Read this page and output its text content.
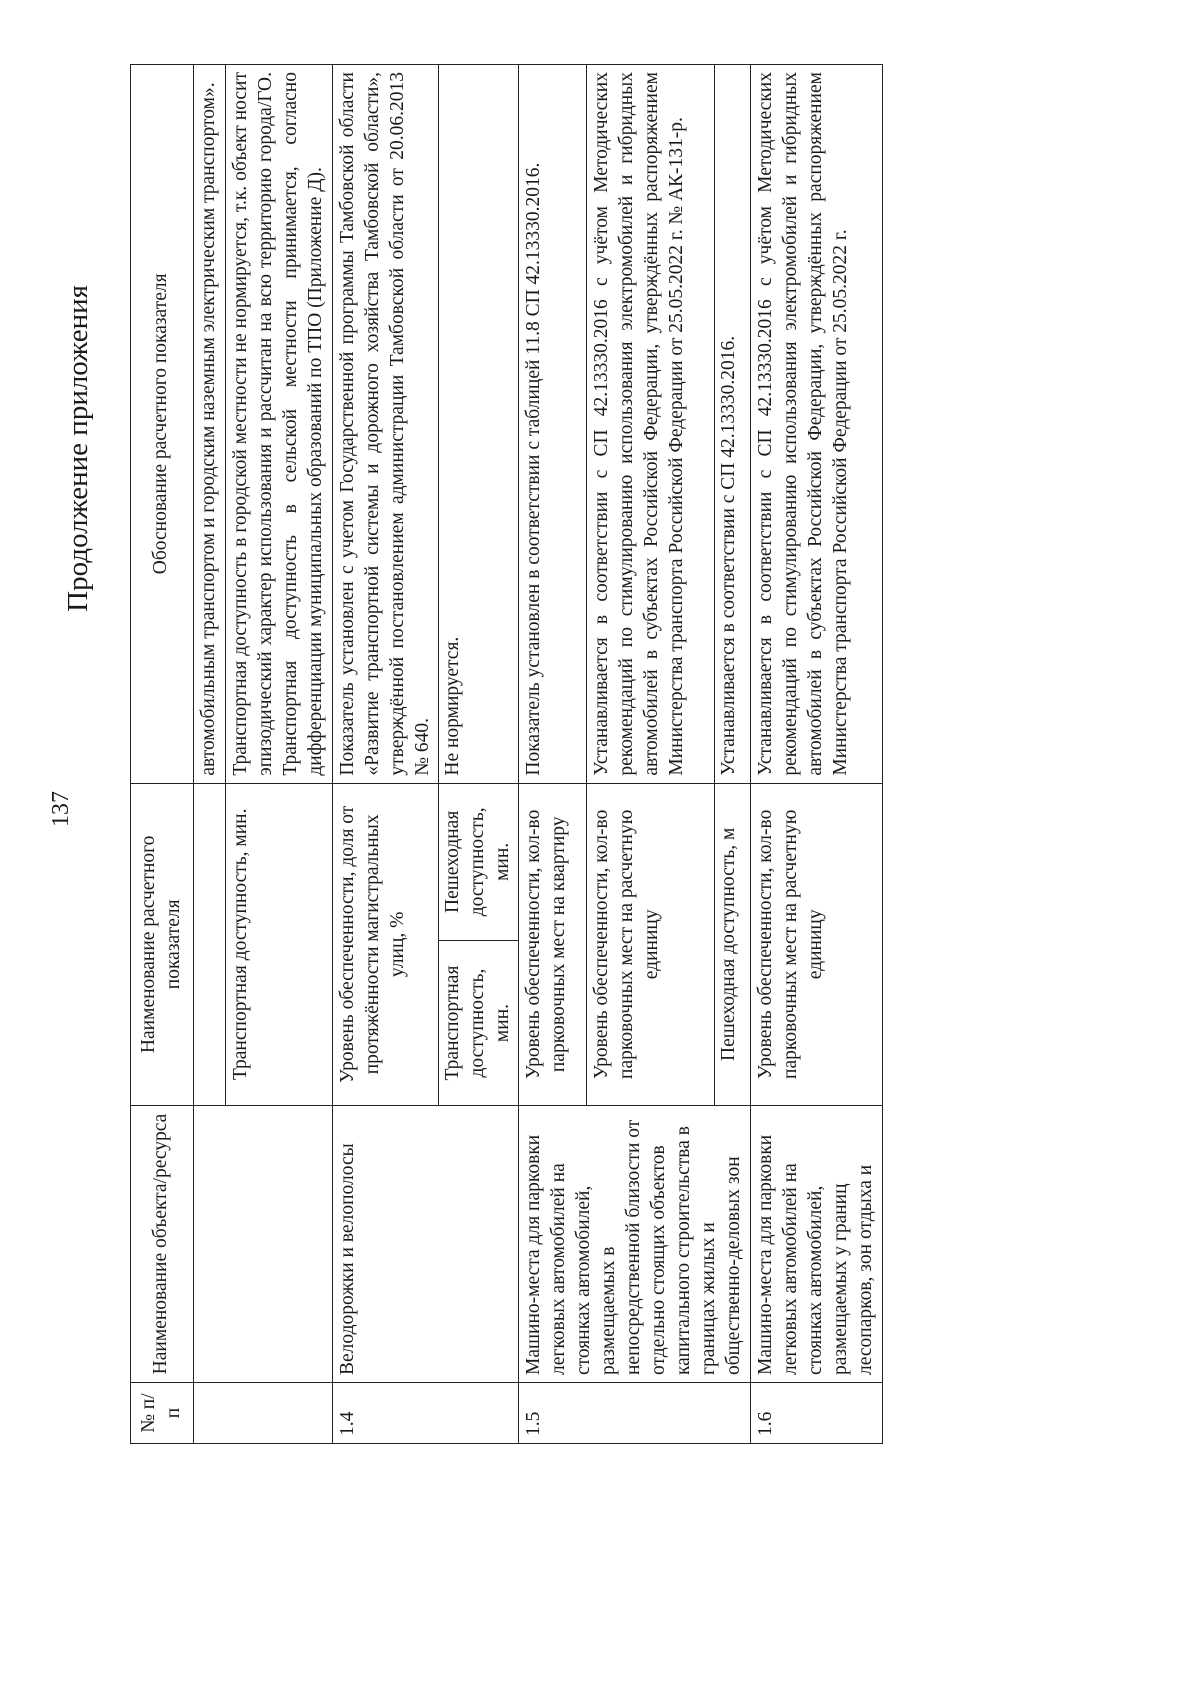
137
Продолжение приложения
№ п/п	Наименование объекта/ресурса	Наименование расчетного показателя		Обоснование расчетного показателя
				автомобильным транспортом и городским наземным электрическим транспортом».
		Транспортная доступность, мин.		Транспортная доступность в городской местности не нормируется, т.к. объект носит эпизодический характер использования и рассчитан на всю территорию города/ГО. Транспортная доступность в сельской местности принимается, согласно дифференциации муниципальных образований по ТПО (Приложение Д).
1.4	Велодорожки и велополосы	Уровень обеспеченности, доля от протяжённости магистральных улиц, %		Показатель установлен с учетом Государственной программы Тамбовской области «Развитие транспортной системы и дорожного хозяйства Тамбовской области», утверждённой постановлением администрации Тамбовской области от 20.06.2013 № 640.
		Транспортная доступность, мин.	Пешеходная доступность, мин.	Не нормируется.
1.5	Машино-места для парковки легковых автомобилей на стоянках автомобилей, размещаемых в непосредственной близости от отдельно стоящих объектов капитального строительства в границах жилых и общественно-деловых зон	Уровень обеспеченности, кол-во парковочных мест на квартиру		Показатель установлен в соответствии с таблицей 11.8 СП 42.13330.2016.
		Уровень обеспеченности, кол-во парковочных мест на расчетную единицу		Устанавливается в соответствии с СП 42.13330.2016 с учётом Методических рекомендаций по стимулированию использования электромобилей и гибридных автомобилей в субъектах Российской Федерации, утверждённых распоряжением Министерства транспорта Российской Федерации от 25.05.2022 г. № АК-131-р.
		Пешеходная доступность, м		Устанавливается в соответствии с СП 42.13330.2016.
1.6	Машино-места для парковки легковых автомобилей на стоянках автомобилей, размещаемых у границ лесопарков, зон отдыха и	Уровень обеспеченности, кол-во парковочных мест на расчетную единицу		Устанавливается в соответствии с СП 42.13330.2016 с учётом Методических рекомендаций по стимулированию использования электромобилей и гибридных автомобилей в субъектах Российской Федерации, утверждённых распоряжением Министерства транспорта Российской Федерации от 25.05.2022 г.
